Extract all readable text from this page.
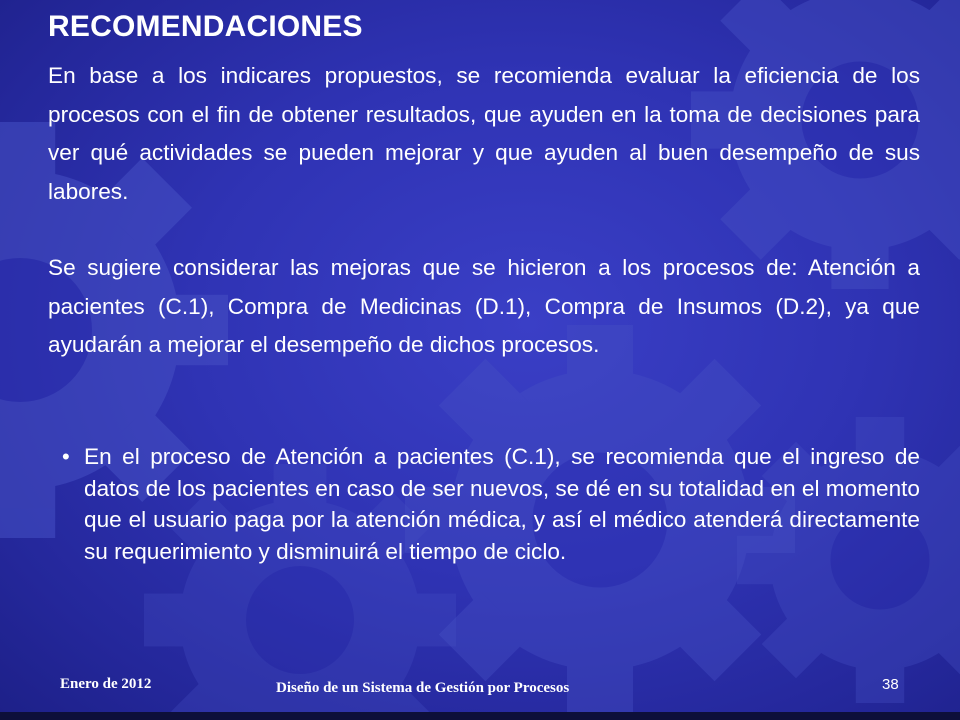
RECOMENDACIONES

En base a los indicares propuestos, se recomienda evaluar la eficiencia de los procesos con el fin de obtener resultados, que ayuden en la toma de decisiones para ver qué actividades se pueden mejorar y que ayuden al buen desempeño de sus labores.

Se sugiere considerar las mejoras que se hicieron a los procesos de: Atención a pacientes (C.1), Compra de Medicinas (D.1), Compra de Insumos (D.2), ya que ayudarán a mejorar el desempeño de dichos procesos.

• En el proceso de Atención a pacientes (C.1), se recomienda que el ingreso de datos de los pacientes en caso de ser nuevos, se dé en su totalidad en el momento que el usuario paga por la atención médica, y así el médico atenderá directamente su requerimiento y disminuirá el tiempo de ciclo.

Enero de 2012	Diseño de un Sistema de Gestión por Procesos	38
